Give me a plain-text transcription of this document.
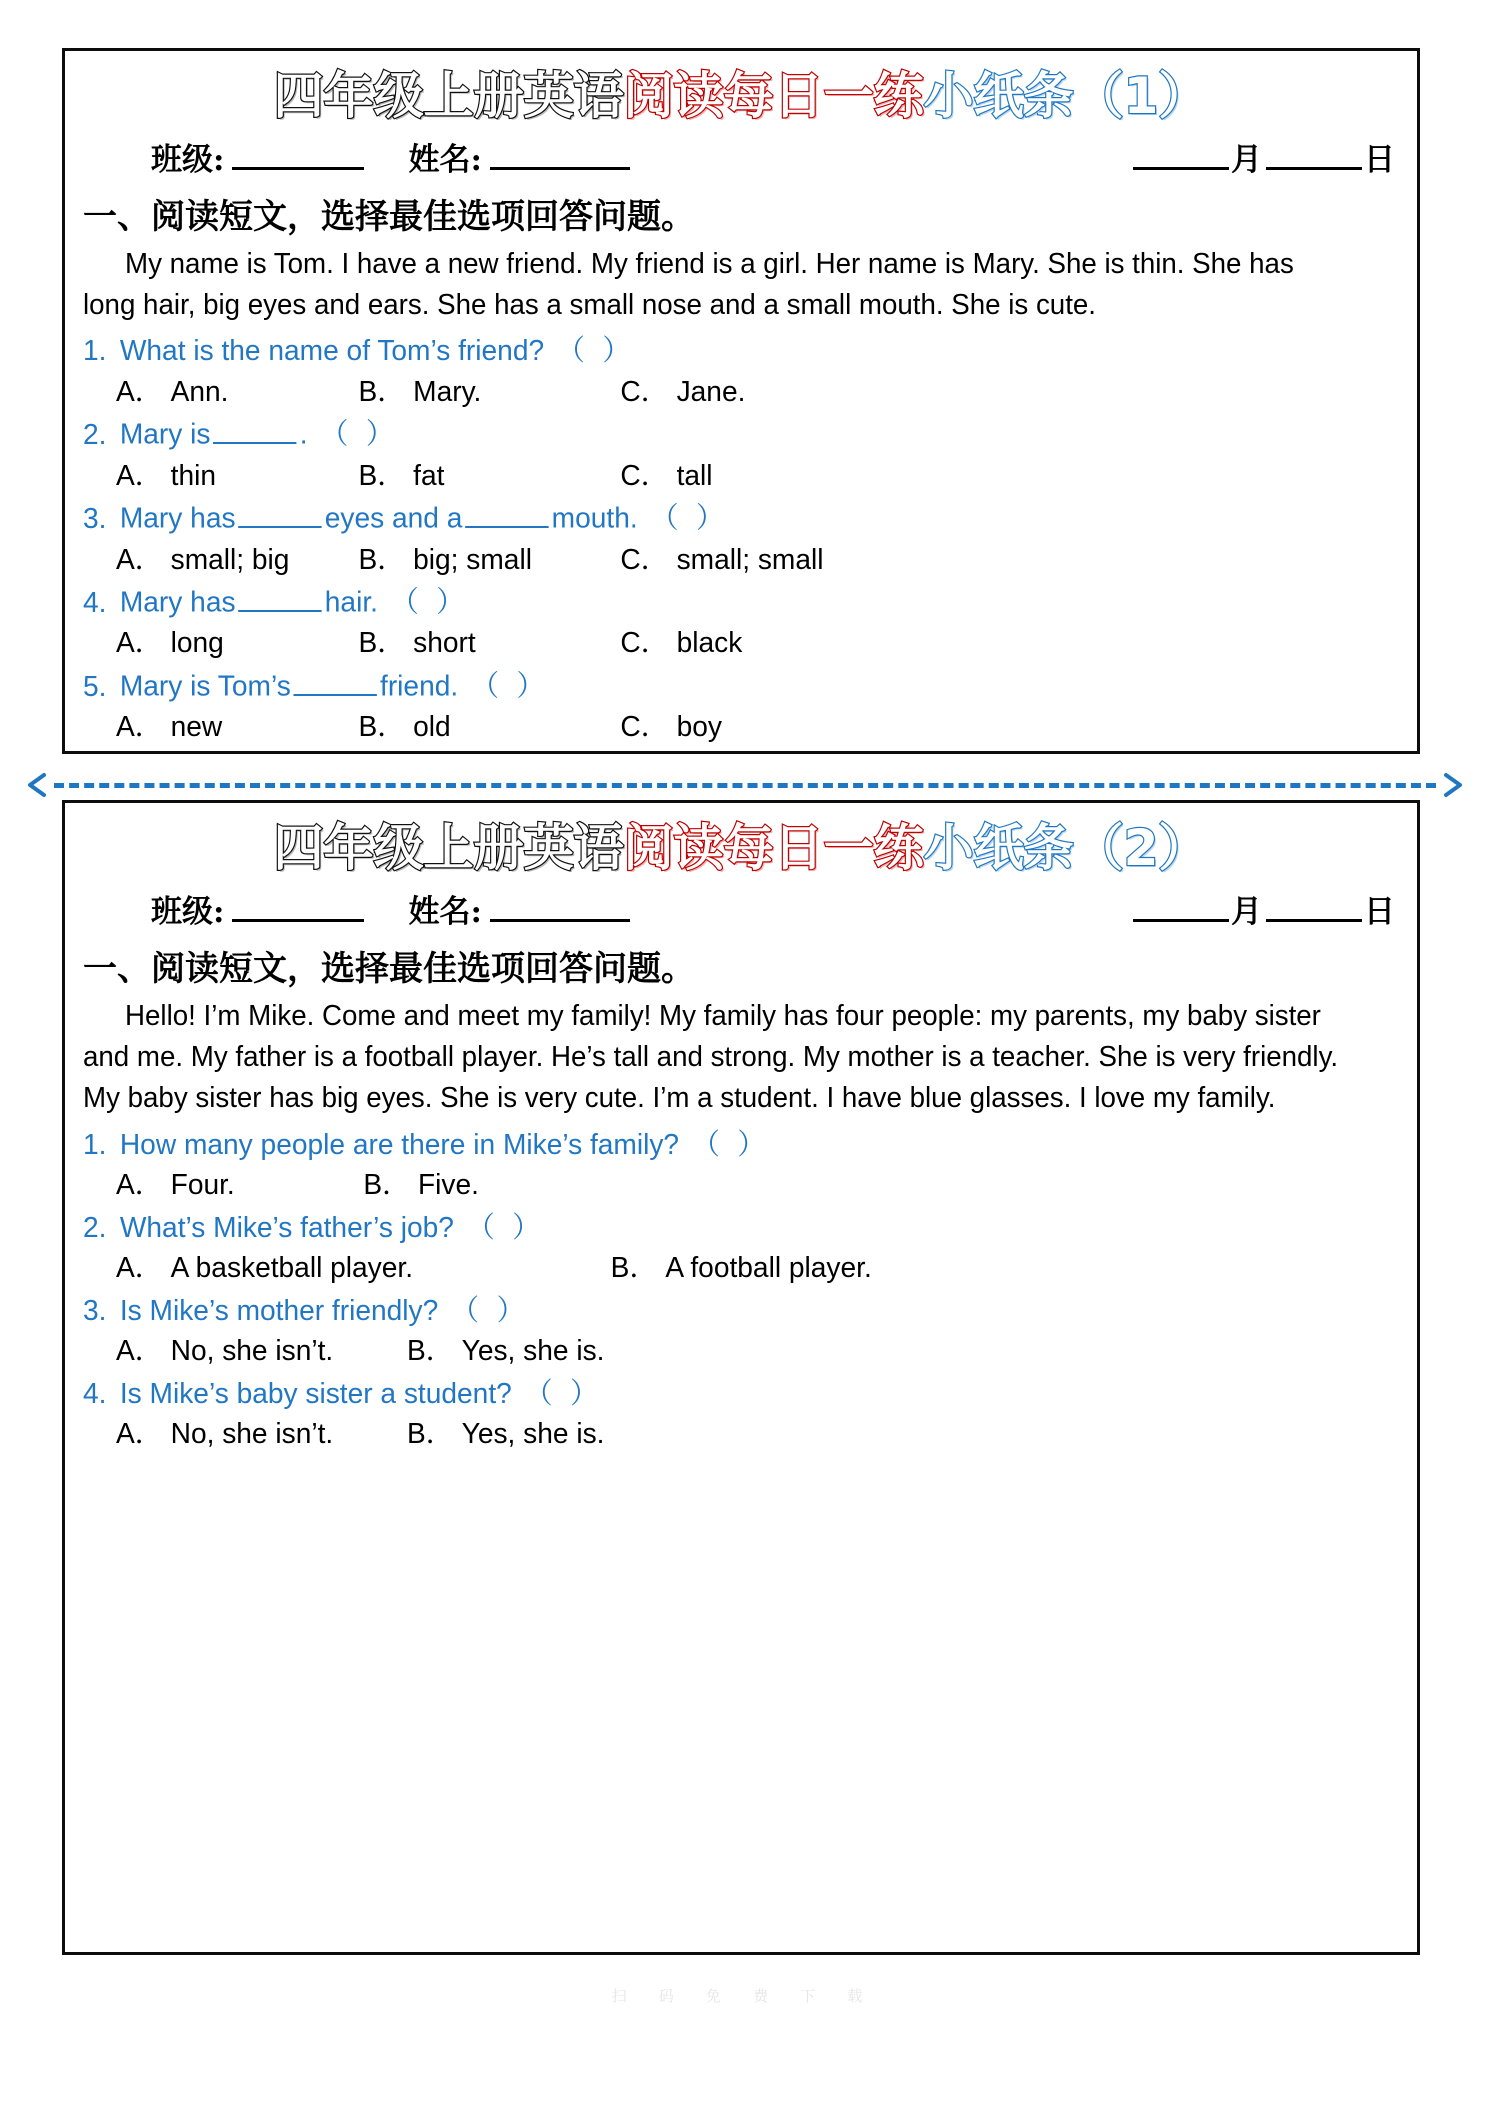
四年级上册英语阅读每日一练小纸条（1）
班级:	姓名:	月	日
一、阅读短文，选择最佳选项回答问题。
My name is Tom. I have a new friend. My friend is a girl. Her name is Mary. She is thin. She has long hair, big eyes and ears. She has a small nose and a small mouth. She is cute.
1. What is the name of Tom’s friend? （ ）
A． Ann.	B． Mary.	C． Jane.
2. Mary is	. （ ）
A． thin	B． fat	C． tall
3. Mary has	eyes and a	mouth. （ ）
A． small; big B． big; small	C． small; small
4. Mary has	hair. （ ）
A． long	B． short	C． black
5. Mary is Tom’s	friend. （ ）
A． new	B． old	C． boy
四年级上册英语阅读每日一练小纸条（2）
班级:	姓名:	月	日
一、阅读短文，选择最佳选项回答问题。
Hello! I’m Mike. Come and meet my family! My family has four people: my parents, my baby sister and me. My father is a football player. He’s tall and strong. My mother is a teacher. She is very friendly. My baby sister has big eyes. She is very cute. I’m a student. I have blue glasses. I love my family.
1. How many people are there in Mike’s family? （ ）
A． Four.	B． Five.
2. What’s Mike’s father’s job? （ ）
A． A basketball player.	B． A football player.
3. Is Mike’s mother friendly? （ ）
A． No, she isn’t.	B． Yes, she is.
4. Is Mike’s baby sister a student? （ ）
A． No, she isn’t.	B． Yes, she is.
扫 码 免 费 下 载
